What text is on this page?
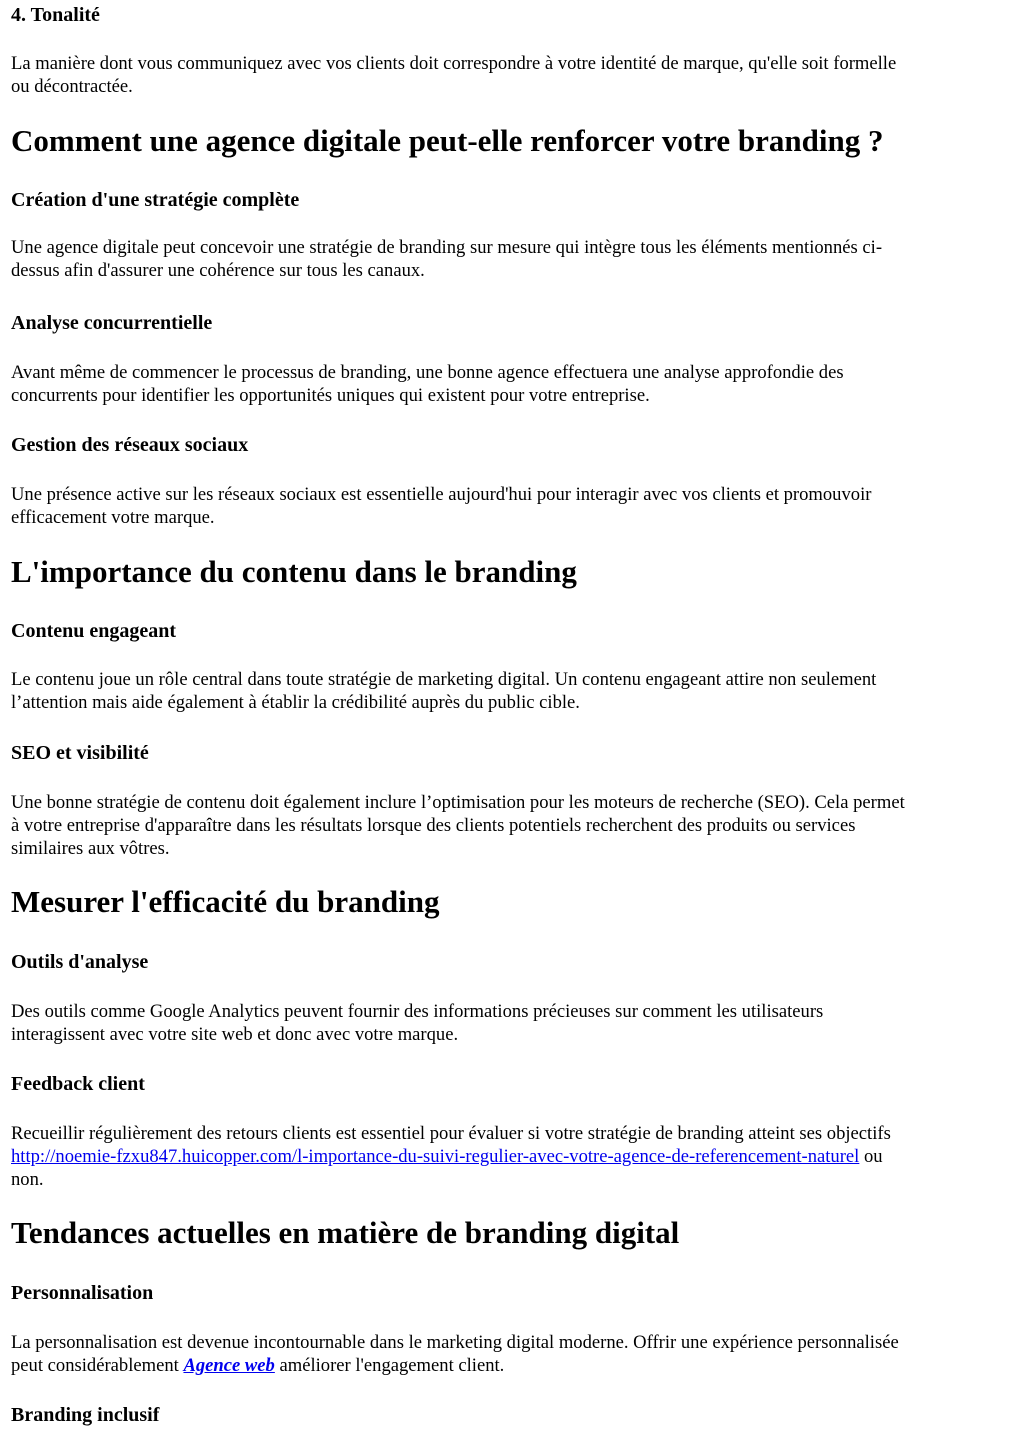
4. Tonalité

La manière dont vous communiquez avec vos clients doit correspondre à votre identité de marque, qu'elle soit formelle

ou décontractée.

Comment une agence digitale peut-elle renforcer votre branding ?
Création d'une stratégie complète

Une agence digitale peut concevoir une stratégie de branding sur mesure qui intègre tous les éléments mentionnés ci-

dessus afin d'assurer une cohérence sur tous les canaux.

Analyse concurrentielle

Avant même de commencer le processus de branding, une bonne agence effectuera une analyse approfondie des

concurrents pour identifier les opportunités uniques qui existent pour votre entreprise.

Gestion des réseaux sociaux

Une présence active sur les réseaux sociaux est essentielle aujourd'hui pour interagir avec vos clients et promouvoir

efficacement votre marque.

L'importance du contenu dans le branding
Contenu engageant

Le contenu joue un rôle central dans toute stratégie de marketing digital. Un contenu engageant attire non seulement

l’attention mais aide également à établir la crédibilité auprès du public cible.

SEO et visibilité

Une bonne stratégie de contenu doit également inclure l’optimisation pour les moteurs de recherche (SEO). Cela permet

à votre entreprise d'apparaître dans les résultats lorsque des clients potentiels recherchent des produits ou services

similaires aux vôtres.

Mesurer l'efficacité du branding
Outils d'analyse

Des outils comme Google Analytics peuvent fournir des informations précieuses sur comment les utilisateurs

interagissent avec votre site web et donc avec votre marque.

Feedback client

Recueillir régulièrement des retours clients est essentiel pour évaluer si votre stratégie de branding atteint ses objectifs

http://noemie-fzxu847.huicopper.com/l-importance-du-suivi-regulier-avec-votre-agence-de-referencement-naturel ou

non.

Tendances actuelles en matière de branding digital
Personnalisation

La personnalisation est devenue incontournable dans le marketing digital moderne. Offrir une expérience personnalisée

peut considérablement Agence web améliorer l'engagement client.

Branding inclusif
